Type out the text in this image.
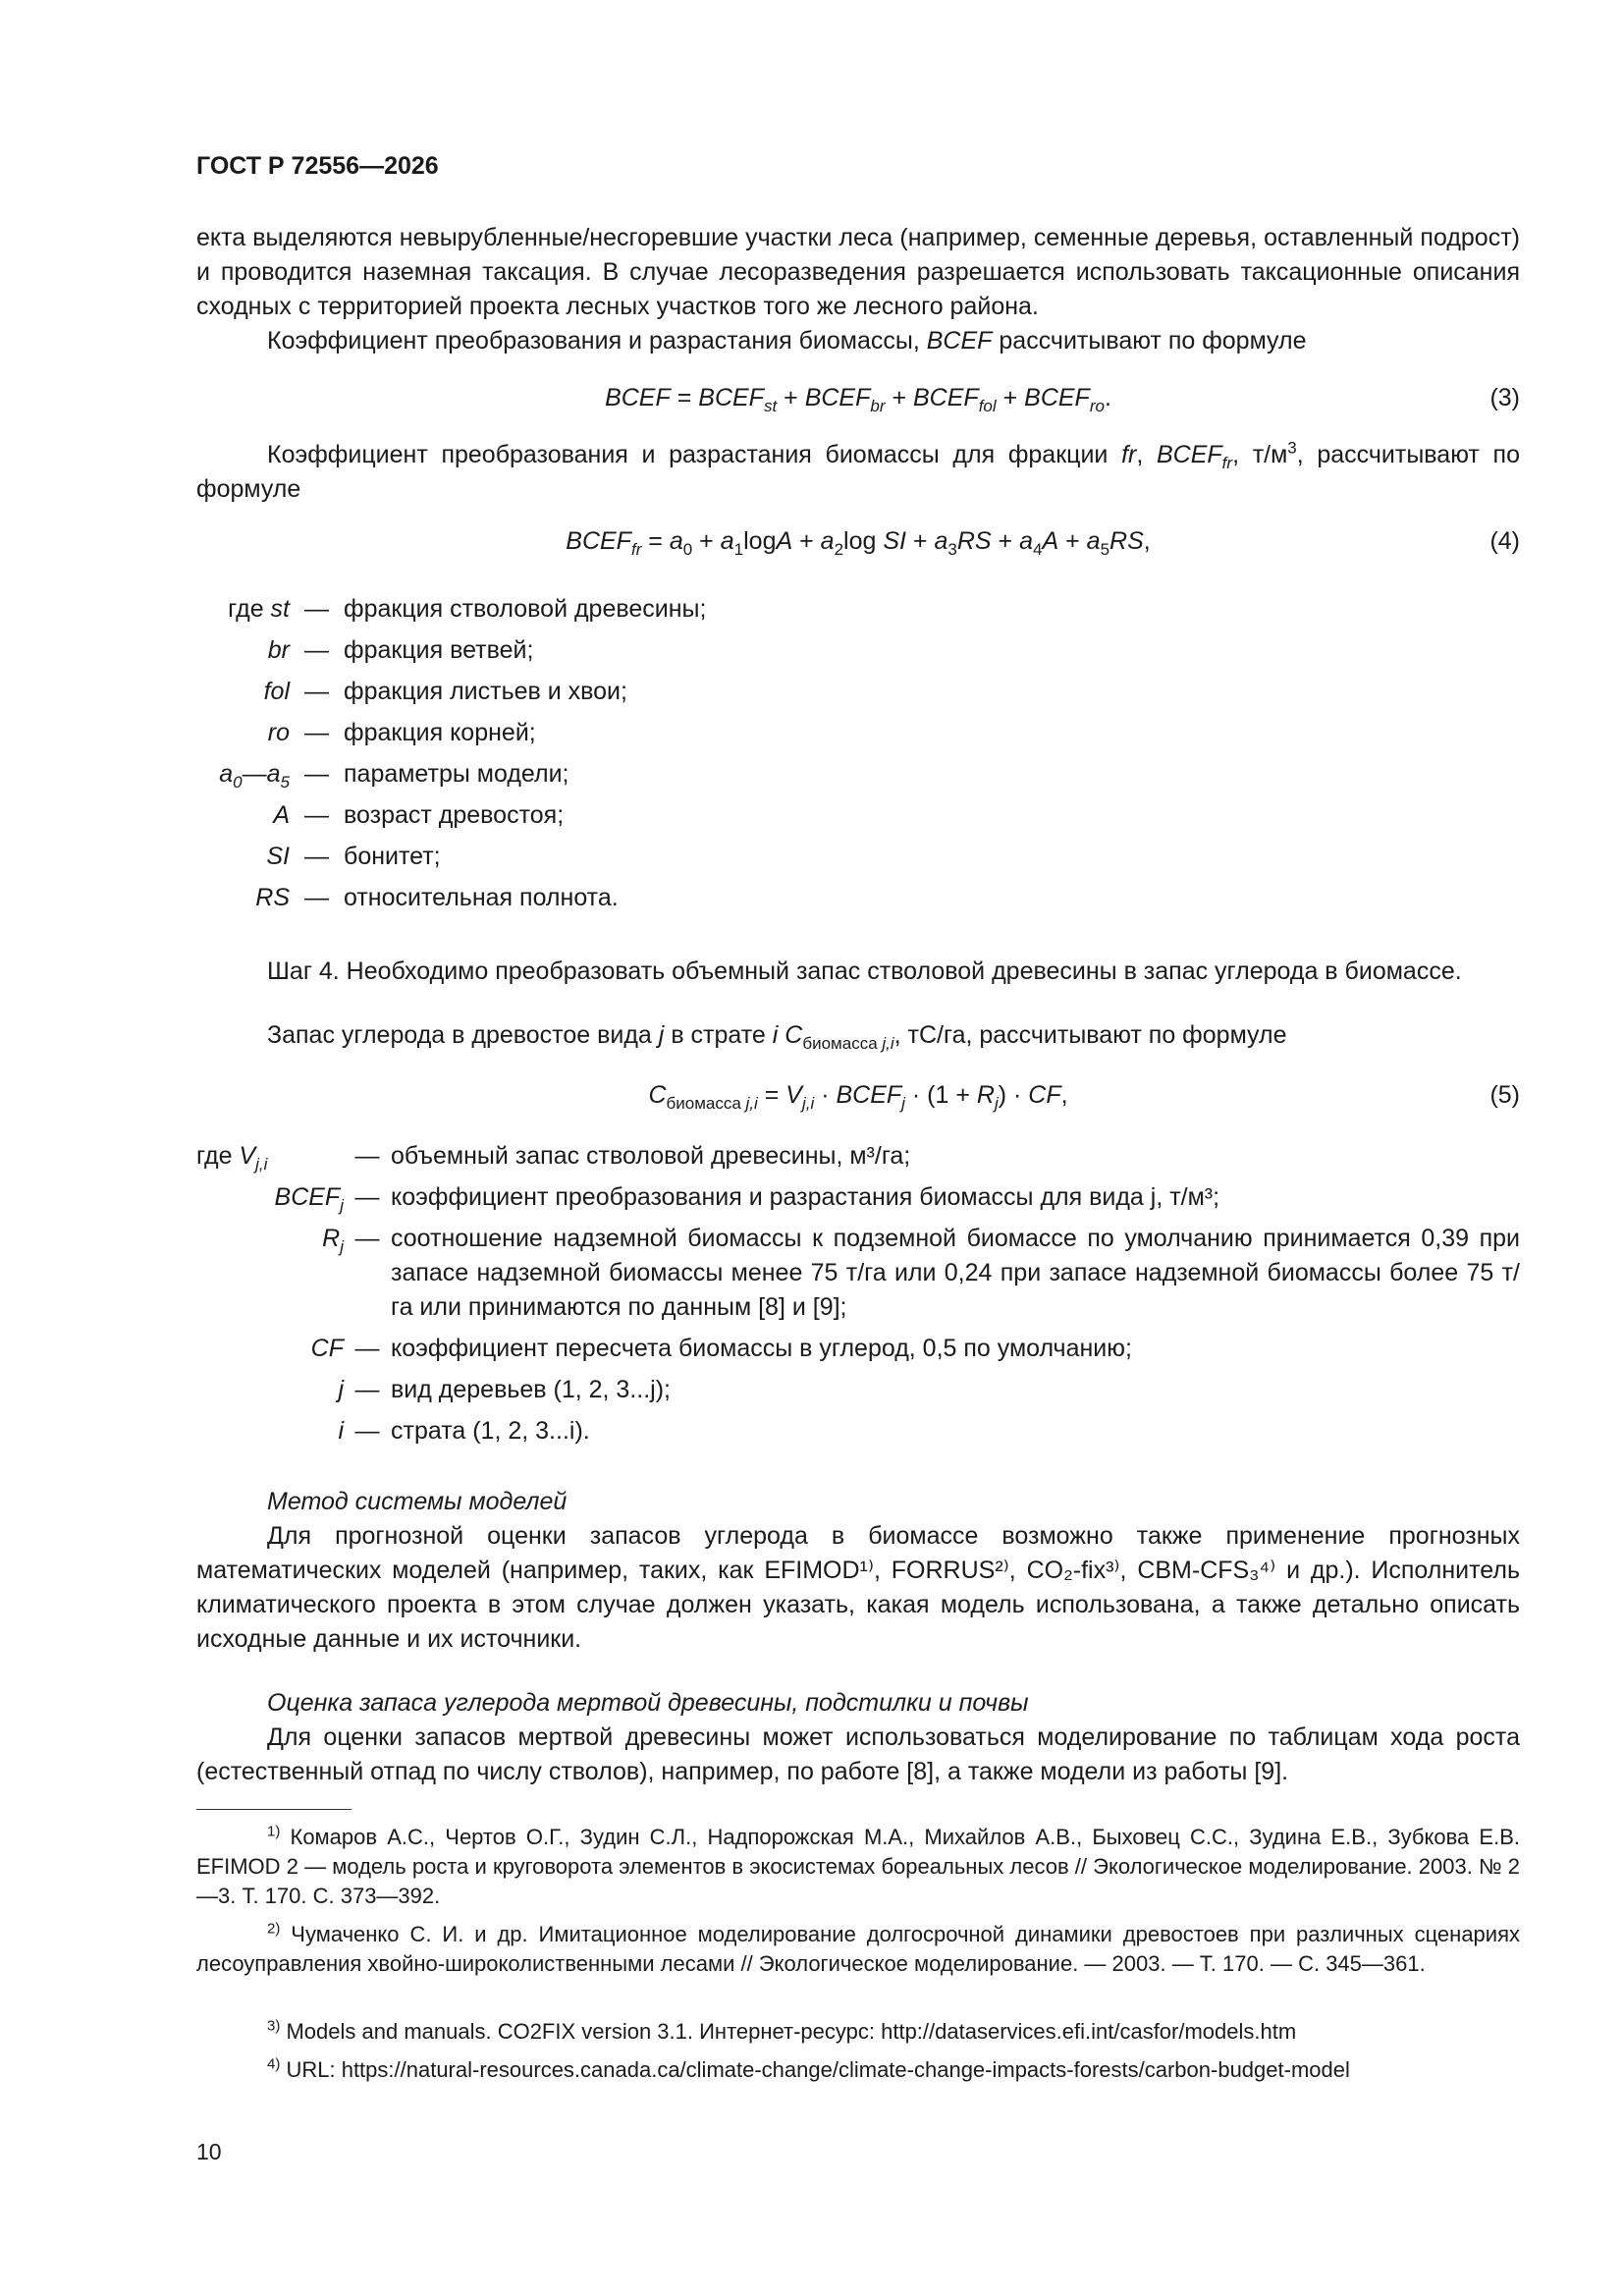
ГОСТ Р 72556—2026
екта выделяются невырубленные/несгоревшие участки леса (например, семенные деревья, оставленный подрост) и проводится наземная таксация. В случае лесоразведения разрешается использовать таксационные описания сходных с территорией проекта лесных участков того же лесного района.
Коэффициент преобразования и разрастания биомассы, BCEF рассчитывают по формуле
BCEF = $BCEF_{st}$ + $BCEF_{br}$ + $BCEF_{fol}$ + $BCEF_{ro}$.	(3)
Коэффициент преобразования и разрастания биомассы для фракции fr, $BCEF_{fr}$, $т/м^3$, рассчитывают по формуле
$BCEF_{fr} = a_0 + a_1\log A + a_2\log$ SI + $a_3RS + a_4A + a_5RS$,	(4)
где st — фракция стволовой древесины;
br — фракция ветвей;
fol — фракция листьев и хвои;
ro — фракция корней;
$a_0—a_5$ — параметры модели;
A — возраст древостоя;
SI — бонитет;
RS — относительная полнота.
Шаг 4. Необходимо преобразовать объемный запас стволовой древесины в запас углерода в биомассе.
Запас углерода в древостое вида j в страте i $C_{биомасса j,i}$, тС/га, рассчитывают по формуле
$C_{биомасса j,i} = V_{j,i}$ · $BCEF_j \cdot (1 + R_j)$ · CF,	(5)
где $V_{j,i}$	— объемный запас стволовой древесины, м³/га;
$BCEF_j$ — коэффициент преобразования и разрастания биомассы для вида j, т/м³;
$R_j$ — соотношение надземной биомассы к подземной биомассе по умолчанию принимается 0,39 при запасе надземной биомассы менее 75 т/га или 0,24 при запасе надземной биомассы более 75 т/га или принимаются по данным [8] и [9];
CF — коэффициент пересчета биомассы в углерод, 0,5 по умолчанию;
j — вид деревьев (1, 2, 3...j);
i — страта (1, 2, 3...i).
Метод системы моделей
Для прогнозной оценки запасов углерода в биомассе возможно также применение прогнозных математических моделей (например, таких, как EFIMOD¹⁾, FORRUS²⁾, CO₂-fix³⁾, CBM-CFS₃⁴⁾ и др.). Исполнитель климатического проекта в этом случае должен указать, какая модель использована, а также детально описать исходные данные и их источники.
Оценка запаса углерода мертвой древесины, подстилки и почвы
Для оценки запасов мертвой древесины может использоваться моделирование по таблицам хода роста (естественный отпад по числу стволов), например, по работе [8], а также модели из работы [9].
$^{1)}$ Комаров А.С., Чертов О.Г., Зудин С.Л., Надпорожская М.А., Михайлов А.В., Быховец С.С., Зудина Е.В., Зубкова Е.В. EFIMOD 2 — модель роста и круговорота элементов в экосистемах бореальных лесов // Экологическое моделирование. 2003. № 2—3. Т. 170. С. 373—392.
$^{2)}$ Чумаченко С. И. и др. Имитационное моделирование долгосрочной динамики древостоев при различных сценариях лесоуправления хвойно-широколиственными лесами // Экологическое моделирование. — 2003. — Т. 170. — С. 345—361.
$^{3)}$ Models and manuals. CO2FIX version 3.1. Интернет-ресурс: http://dataservices.efi.int/casfor/models.htm
$^{4)}$ URL: https://natural-resources.canada.ca/climate-change/climate-change-impacts-forests/carbon-budget-model
10
